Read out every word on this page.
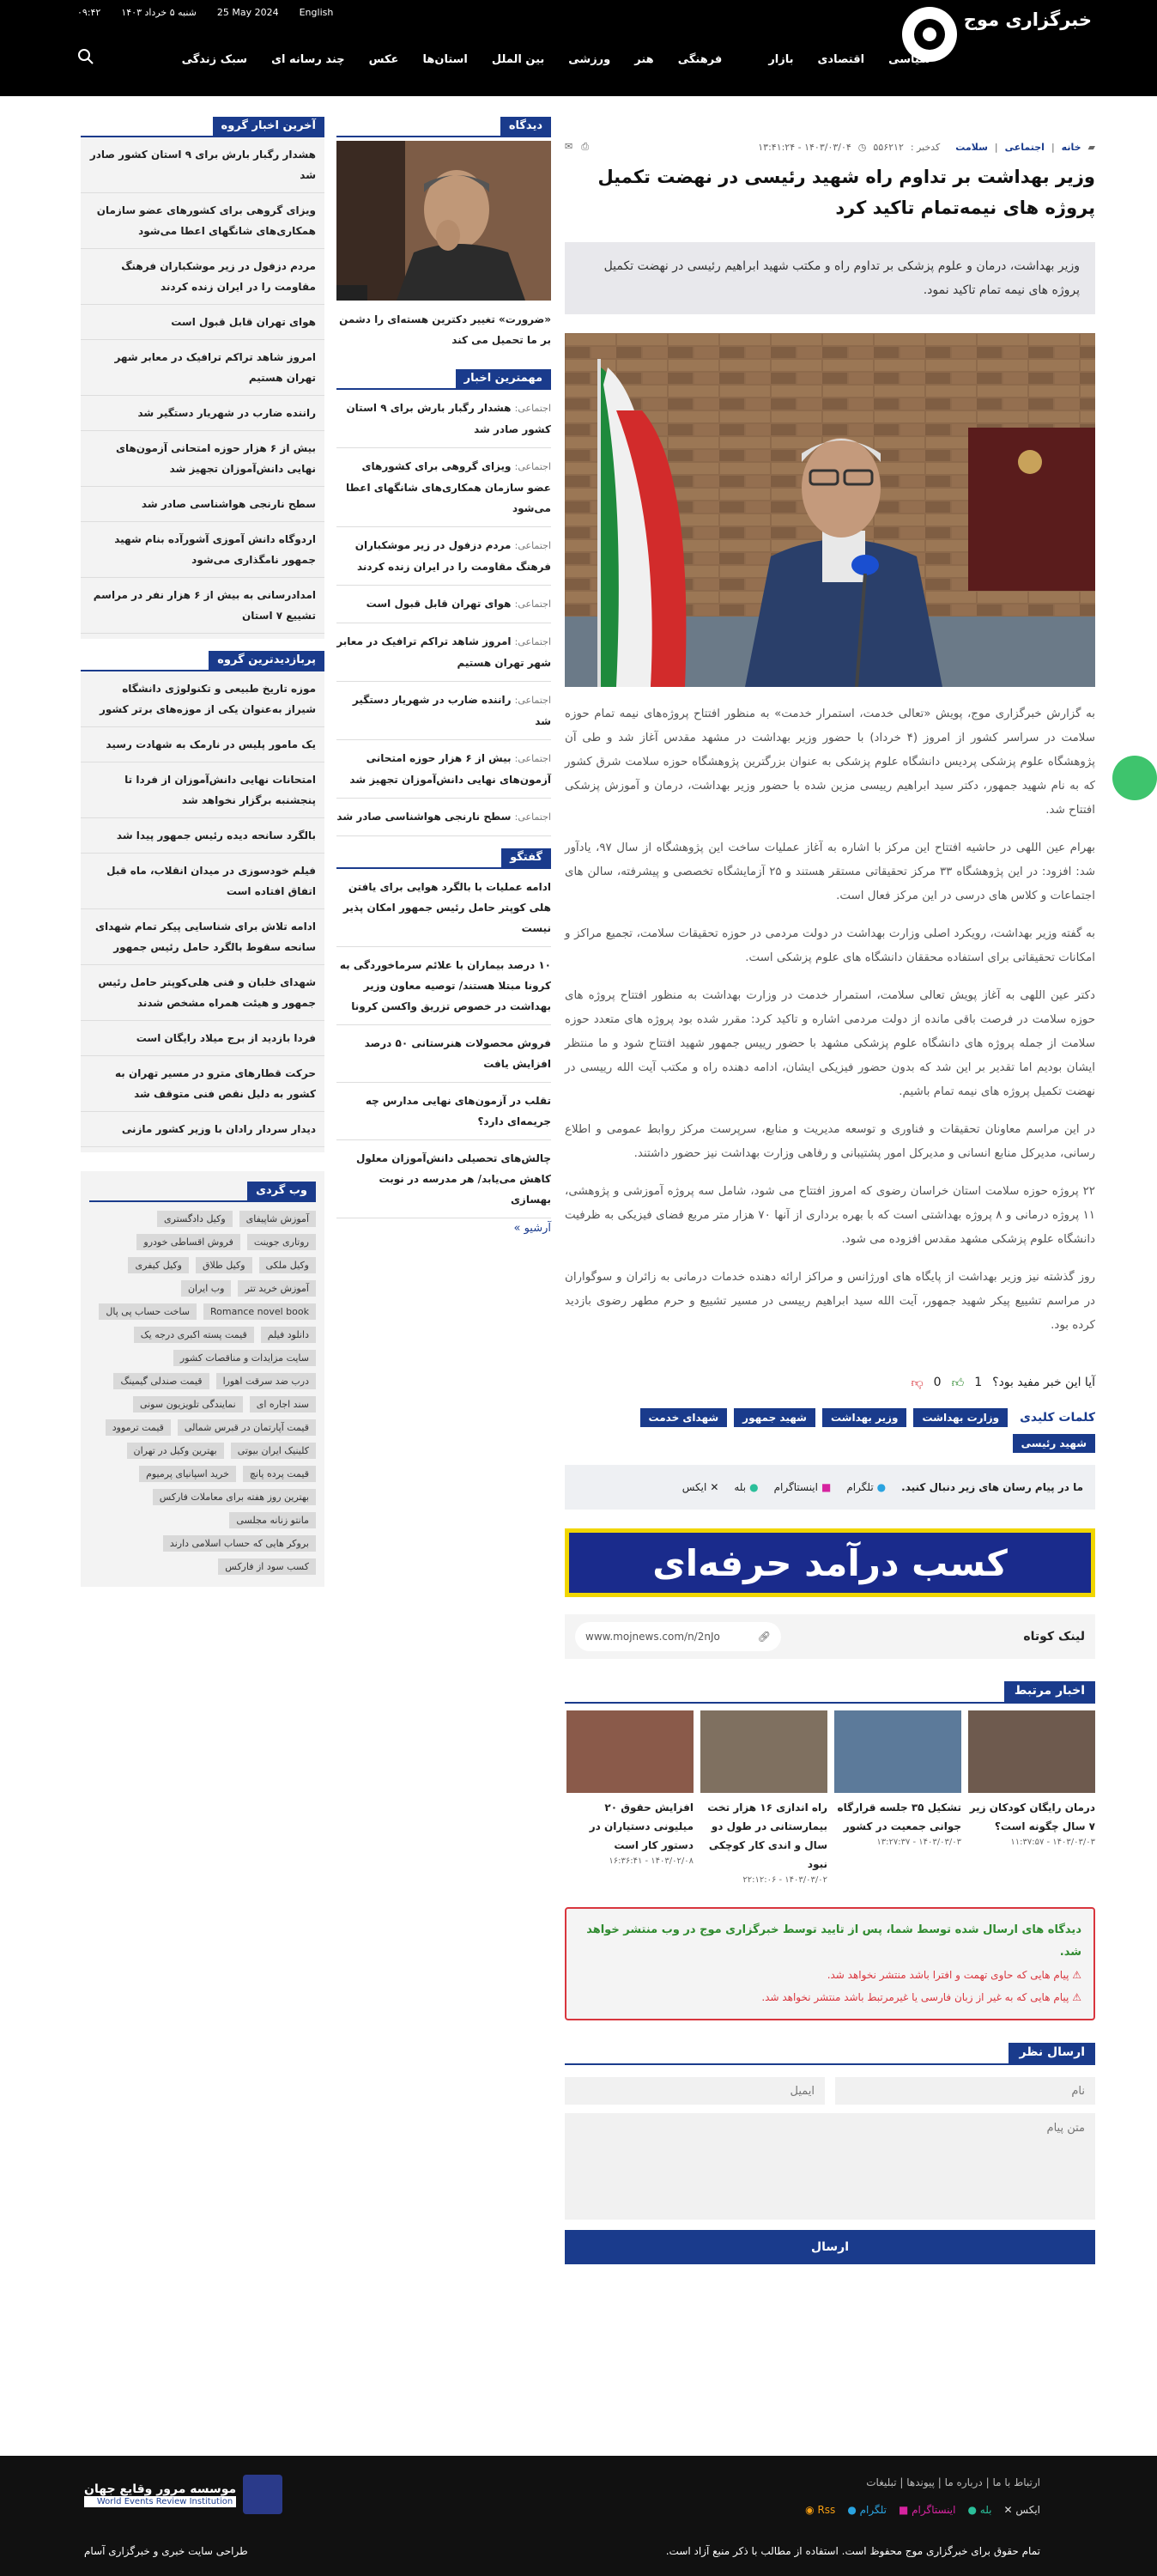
خبرگزاری موج
۰۹:۴۲ شنبه ۵ خرداد ۱۴۰۳ 25 May 2024 English
سیاسی
اقتصادی
بازار
فرهنگی
هنر
ورزشی
بین الملل
استان‌ها
عکس
چند رسانه ای
سبک زندگی
▰
خانه
|
اجتماعی
|
سلامت
کدخبر :
۵۵۶۲۱۲
◷
۱۴۰۳/۰۳/۰۴ - ۱۳:۴۱:۲۴
⎙
✉
وزیر بهداشت بر تداوم راه شهید رئیسی در نهضت تکمیل پروژه های نیمه‌تمام تاکید کرد
وزیر بهداشت، درمان و علوم پزشکی بر تداوم راه و مکتب شهید ابراهیم رئیسی در نهضت تکمیل پروژه های نیمه تمام تاکید نمود.

به گزارش خبرگزاری موج، پویش «تعالی خدمت، استمرار خدمت» به منظور افتتاح پروژه‌های نیمه تمام حوزه سلامت در سراسر کشور از امروز (۴ خرداد) با حضور وزیر بهداشت در مشهد مقدس آغاز شد و طی آن پژوهشگاه علوم پزشکی پردیس دانشگاه علوم پزشکی به عنوان بزرگترین پژوهشگاه حوزه سلامت شرق کشور که به نام شهید جمهور، دکتر سید ابراهیم رییسی مزین شده با حضور وزیر بهداشت، درمان و آموزش پزشکی افتتاح شد.

بهرام عین اللهی در حاشیه افتتاح این مرکز با اشاره به آغاز عملیات ساخت این پژوهشگاه از سال ۹۷، یادآور شد: افزود: در این پژوهشگاه ۳۳ مرکز تحقیقاتی مستقر هستند و ۲۵ آزمایشگاه تخصصی و پیشرفته، سالن های اجتماعات و کلاس های درسی در این مرکز فعال است.

به گفته وزیر بهداشت، رویکرد اصلی وزارت بهداشت در دولت مردمی در حوزه تحقیقات سلامت، تجمیع مراکز و امکانات تحقیقاتی برای استفاده محققان دانشگاه های علوم پزشکی است.

دکتر عین اللهی به آغاز پویش تعالی سلامت، استمرار خدمت در وزارت بهداشت به منظور افتتاح پروژه های حوزه سلامت در فرصت باقی مانده از دولت مردمی اشاره و تاکید کرد: مقرر شده بود پروژه های متعدد حوزه سلامت از جمله پروژه های دانشگاه علوم پزشکی مشهد با حضور رییس جمهور شهید افتتاح شود و ما منتظر ایشان بودیم اما تقدیر بر این شد که بدون حضور فیزیکی ایشان، ادامه دهنده راه و مکتب آیت الله رییسی در نهضت تکمیل پروژه های نیمه تمام باشیم.

در این مراسم معاونان تحقیقات و فناوری و توسعه مدیریت و منابع، سرپرست مرکز روابط عمومی و اطلاع رسانی، مدیرکل منابع انسانی و مدیرکل امور پشتیبانی و رفاهی وزارت بهداشت نیز حضور داشتند.

۲۲ پروژه حوزه سلامت استان خراسان رضوی که امروز افتتاح می شود، شامل سه پروژه آموزشی و پژوهشی، ۱۱ پروژه درمانی و ۸ پروژه بهداشتی است که با بهره برداری از آنها ۷۰ هزار متر مربع فضای فیزیکی به ظرفیت دانشگاه علوم پزشکی مشهد مقدس افزوده می شود.

روز گذشته نیز وزیر بهداشت از پایگاه های اورژانس و مراکز ارائه دهنده خدمات درمانی به زائران و سوگواران در مراسم تشییع پیکر شهید جمهور، آیت الله سید ابراهیم رییسی در مسیر تشییع و حرم مطهر رضوی بازدید کرده بود.

آیا این خبر مفید بود؟
1
👍︎
0
👎︎
کلمات کلیدی
وزارت بهداشت
وزیر بهداشت
شهید جمهور
شهدای خدمت
شهید رئیسی
ما در پیام رسان های زیر دنبال کنید.
●
تلگرام
■
اینستاگرام
●
بله
✕
ایکس
کسب درآمد حرفه‌ای
لینک کوتاه
www.mojnews.com/n/2nJo	🔗︎
اخبار مرتبط
درمان رایگان کودکان زیر ۷ سال چگونه است؟
۱۴۰۳/۰۳/۰۳ - ۱۱:۳۷:۵۷
تشکیل ۳۵ جلسه قرارگاه جوانی جمعیت در کشور
۱۴۰۳/۰۳/۰۳ - ۱۳:۲۷:۳۷
راه اندازی ۱۶ هزار تخت بیمارستانی در طول دو سال و اندی کار کوچکی نبود
۱۴۰۳/۰۳/۰۲ - ۲۲:۱۲:۰۶
افزایش حقوق ۲۰ میلیونی دستیاران در دستور کار است
۱۴۰۳/۰۲/۰۸ - ۱۶:۳۶:۴۱
دیدگاه های ارسال شده توسط شما، پس از تایید توسط خبرگزاری موج در وب منتشر خواهد شد.
⚠ پیام هایی که حاوی تهمت و افترا باشد منتشر نخواهد شد.
⚠ پیام هایی که به غیر از زبان فارسی یا غیرمرتبط باشد منتشر نخواهد شد.
ارسال نظر
نام
ایمیل
متن پیام ارسال
دیدگاه
«ضرورت» تغییر دکترین هسته‌ای را دشمن بر ما تحمیل می کند
مهمترین اخبار
اجتماعی: هشدار رگبار بارش برای ۹ استان کشور صادر شد
اجتماعی: ویزای گروهی برای کشورهای عضو سازمان همکاری‌های شانگهای اعطا می‌شود
اجتماعی: مردم دزفول در زیر موشکباران فرهنگ مقاومت را در ایران زنده کردند
اجتماعی: هوای تهران قابل قبول است
اجتماعی: امروز شاهد تراکم ترافیک در معابر شهر تهران هستیم
اجتماعی: راننده ضارب در شهریار دستگیر شد
اجتماعی: بیش از ۶ هزار حوزه امتحانی آزمون‌های نهایی دانش‌آموزان تجهیز شد
اجتماعی: سطح نارنجی هواشناسی صادر شد
گفتگو
ادامه عملیات با بالگرد هوایی برای یافتن هلی کوپتر حامل رئیس جمهور امکان پذیر نیست
۱۰ درصد بیماران با علائم سرماخوردگی به کرونا مبتلا هستند/ توصیه معاون وزیر بهداشت در خصوص تزریق واکسن کرونا
فروش محصولات هنرستانی ۵۰ درصد افزایش یافت
تقلب در آزمون‌های نهایی مدارس چه جریمه‌ای دارد؟
چالش‌های تحصیلی دانش‌آموزان معلول کاهش می‌یابد/ هر مدرسه در نوبت بهسازی
آرشیو »
آخرین اخبار گروه
هشدار رگبار بارش برای ۹ استان کشور صادر شد
ویزای گروهی برای کشورهای عضو سازمان همکاری‌های شانگهای اعطا می‌شود
مردم دزفول در زیر موشکباران فرهنگ مقاومت را در ایران زنده کردند
هوای تهران قابل قبول است
امروز شاهد تراکم ترافیک در معابر شهر تهران هستیم
راننده ضارب در شهریار دستگیر شد
بیش از ۶ هزار حوزه امتحانی آزمون‌های نهایی دانش‌آموزان تجهیز شد
سطح نارنجی هواشناسی صادر شد
اردوگاه دانش آموزی آشورآده بنام شهید جمهور نامگذاری می‌شود
امدادرسانی به بیش از ۶ هزار نفر در مراسم تشییع ۷ استان
پربازدیدترین گروه
موزه تاریخ طبیعی و تکنولوژی دانشگاه شیراز به‌عنوان یکی از موزه‌های برتر کشور
یک مامور پلیس در نارمک به شهادت رسید
امتحانات نهایی دانش‌آموزان از فردا تا پنجشنبه برگزار نخواهد شد
بالگرد سانحه دیده رئیس جمهور پیدا شد
فیلم خودسوزی در میدان انقلاب، ماه قبل اتفاق افتاده است
ادامه تلاش برای شناسایی پیکر تمام شهدای سانحه سقوط بالگرد حامل رئیس جمهور
شهدای خلبان و فنی هلی‌کوپتر حامل رئیس جمهور و هیئت همراه مشخص شدند
فردا بازدید از برج میلاد رایگان است
حرکت قطارهای مترو در مسیر تهران به کشور به دلیل نقص فنی متوقف شد
دیدار سردار رادان با وزیر کشور مازنی
وب گردی
آموزش شاپیفای
وکیل دادگستری
روتاری جوینت
فروش اقساطی خودرو
وکیل ملکی
وکیل طلاق
وکیل کیفری
آموزش خرید تتر
وب ایران
Romance novel book
ساخت حساب پی پال
دانلود فیلم
قیمت پسته اکبری درجه یک
سایت مزایدات و مناقصات کشور
درب ضد سرقت اهورا
قیمت صندلی گیمینگ
سند اجاره ای
نمایندگی تلویزیون سونی
قیمت آپارتمان در قبرس شمالی
قیمت ترموود
کلینیک ایران بیوتی
بهترین وکیل در تهران
قیمت پرده پانچ
خرید اسپانیای پرمیوم
بهترین روز هفته برای معاملات فارکس
مانتو زنانه مجلسی
بروکر هایی که حساب اسلامی دارند
کسب سود از فارکس
ارتباط با ما | درباره ما | پیوندها | تبلیغات
◉ Rss ● تلگرام ■ اینستاگرام ● بله ✕ ایکس
تمام حقوق برای خبرگزاری موج محفوظ است. استفاده از مطالب با ذکر منبع آزاد است.
موسسه مرور وقایع جهان
World Events Review Institution
طراحی سایت خبری و خبرگزاری آسام
